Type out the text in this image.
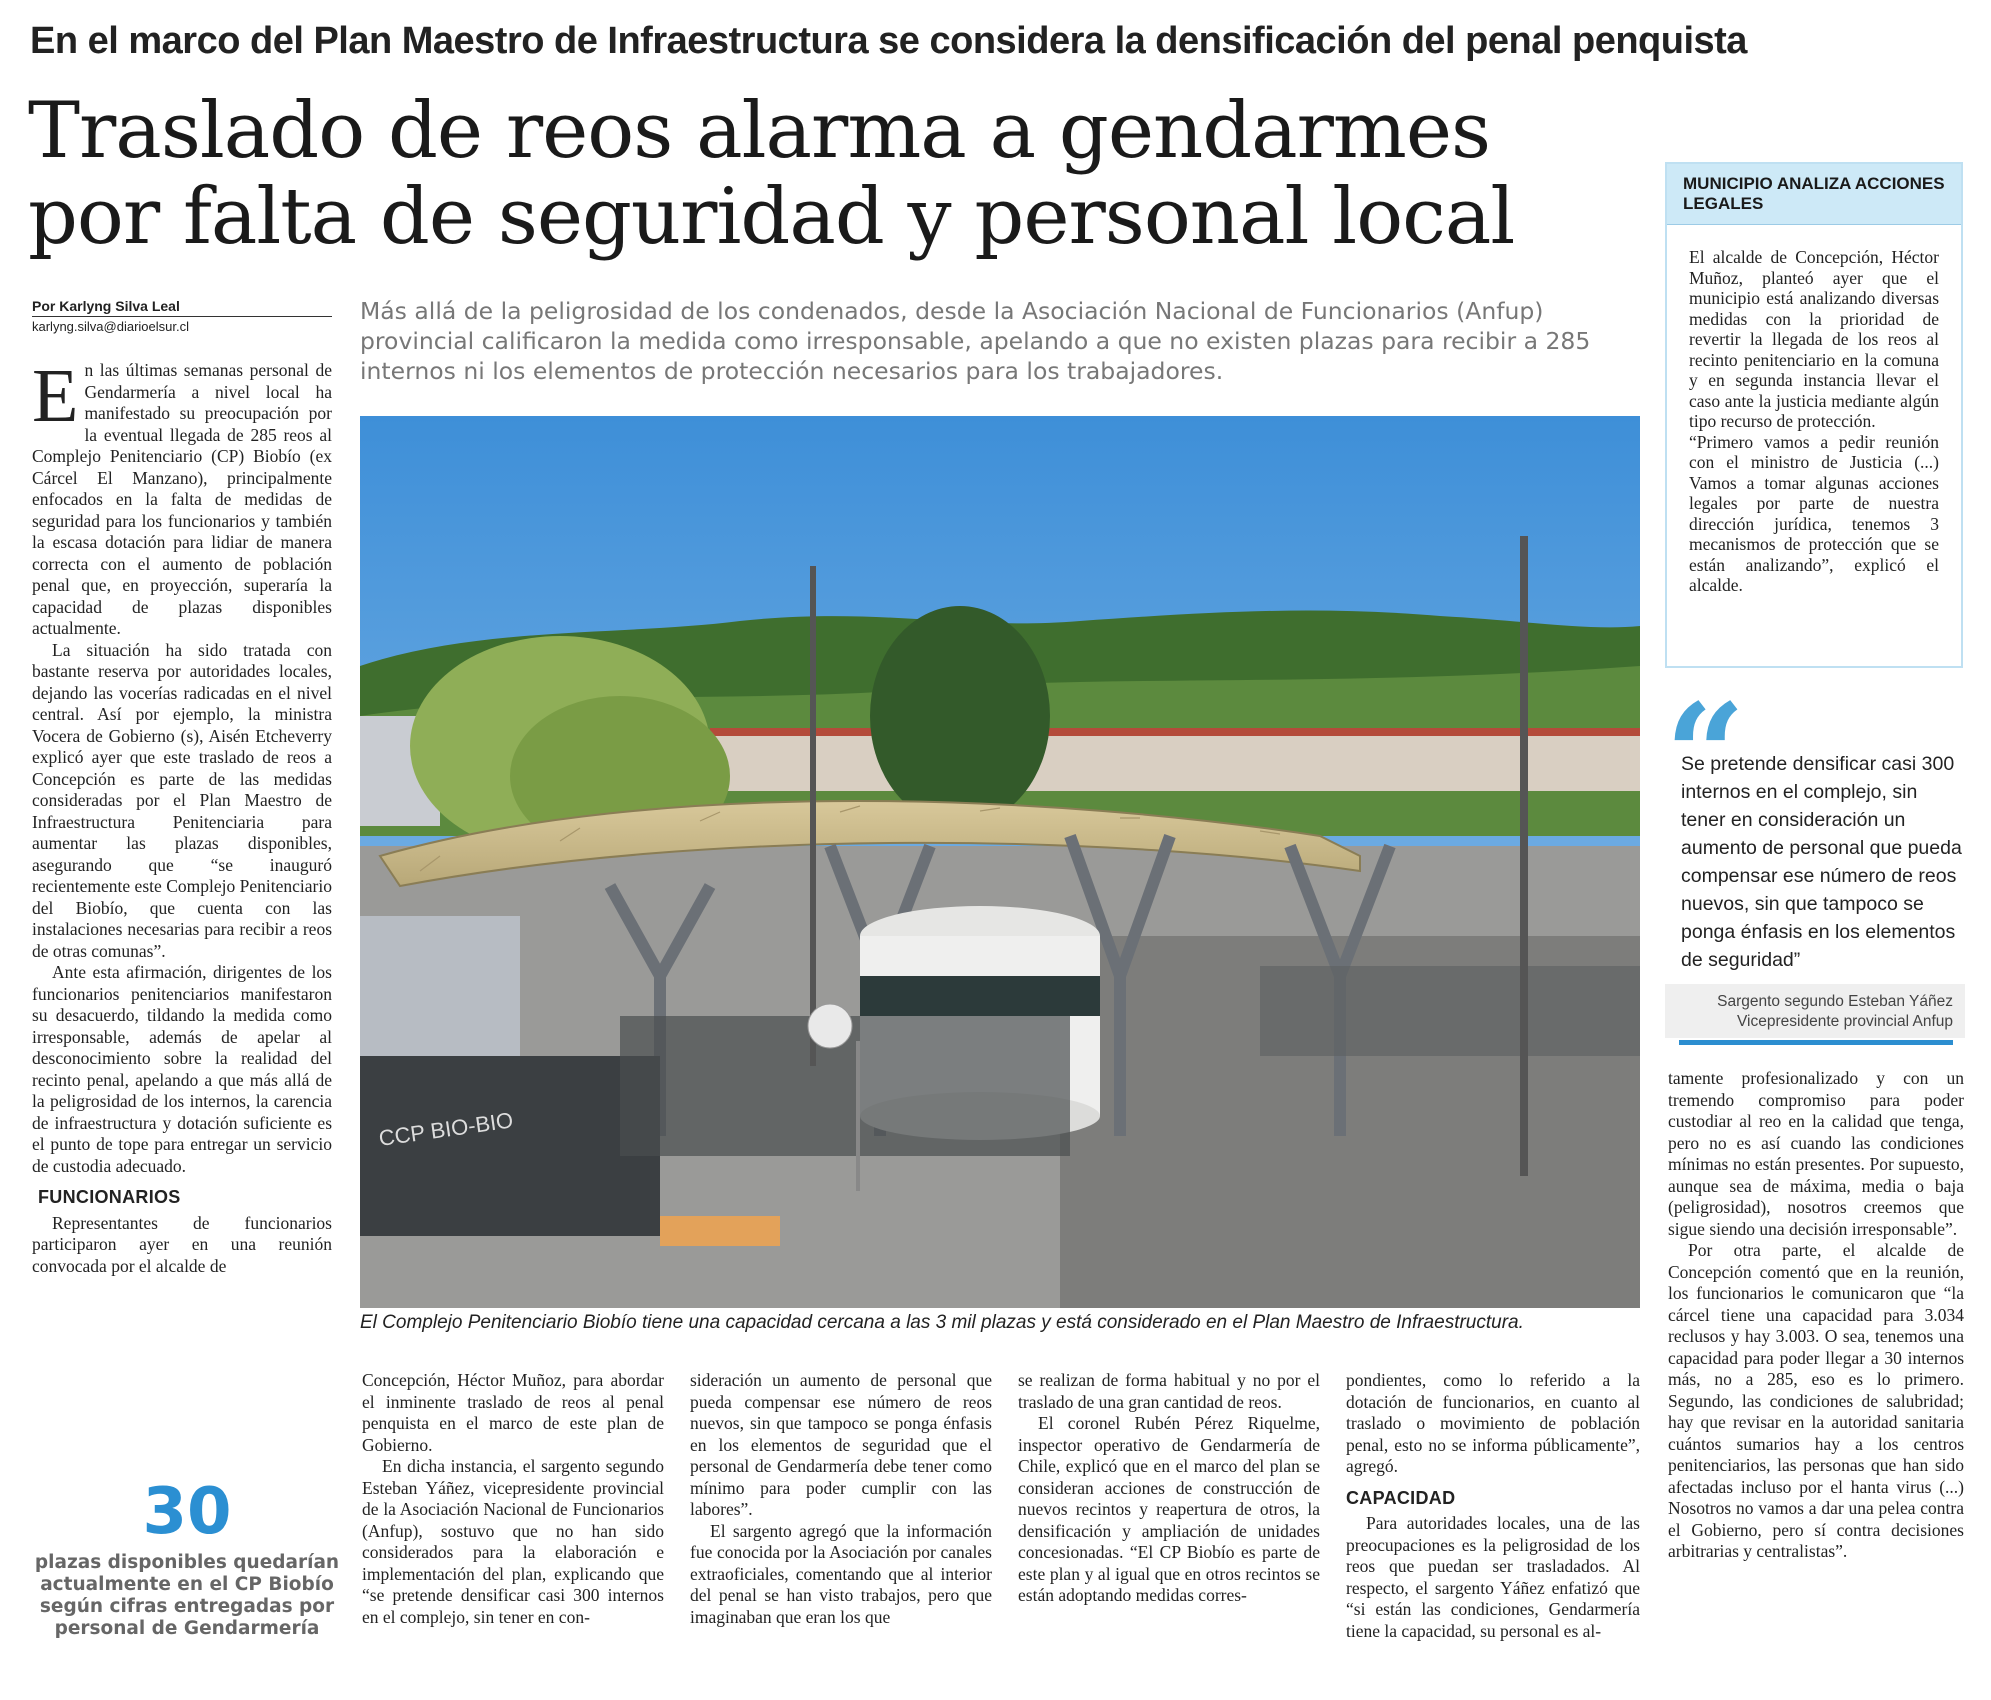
En el marco del Plan Maestro de Infraestructura se considera la densificación del penal penquista
Traslado de reos alarma a gendarmes
por falta de seguridad y personal local
Por Karlyng Silva Leal
karlyng.silva@diarioelsur.cl
Más allá de la peligrosidad de los condenados, desde la Asociación Nacional de Funcionarios (Anfup) provincial calificaron la medida como irresponsable, apelando a que no existen plazas para recibir a 285 internos ni los elementos de protección necesarios para los trabajadores.
CCP BIO-BIO
El Complejo Penitenciario Biobío tiene una capacidad cercana a las 3 mil plazas y está considerado en el Plan Maestro de Infraestructura.

E n las últimas semanas personal de Gendarmería a nivel local ha manifestado su preocupación por la eventual llegada de 285 reos al Complejo Penitenciario (CP) Biobío (ex Cárcel El Manzano), principalmente enfocados en la falta de medidas de seguridad para los funcionarios y también la escasa dotación para lidiar de manera correcta con el aumento de población penal que, en proyección, superaría la capacidad de plazas disponibles actualmente.

La situación ha sido tratada con bastante reserva por autoridades locales, dejando las vocerías radicadas en el nivel central. Así por ejemplo, la ministra Vocera de Gobierno (s), Aisén Etcheverry explicó ayer que este traslado de reos a Concepción es parte de las medidas consideradas por el Plan Maestro de Infraestructura Penitenciaria para aumentar las plazas disponibles, asegurando que “se inauguró recientemente este Complejo Penitenciario del Biobío, que cuenta con las instalaciones necesarias para recibir a reos de otras comunas”.

Ante esta afirmación, dirigentes de los funcionarios penitenciarios manifestaron su desacuerdo, tildando la medida como irresponsable, además de apelar al desconocimiento sobre la realidad del recinto penal, apelando a que más allá de la peligrosidad de los internos, la carencia de infraestructura y dotación suficiente es el punto de tope para entregar un servicio de custodia adecuado.

FUNCIONARIOS

Representantes de funcionarios participaron ayer en una reunión convocada por el alcalde de

30
plazas disponibles quedarían actualmente en el CP Biobío según cifras entregadas por personal de Gendarmería

Concepción, Héctor Muñoz, para abordar el inminente traslado de reos al penal penquista en el marco de este plan de Gobierno.

En dicha instancia, el sargento segundo Esteban Yáñez, vicepresidente provincial de la Asociación Nacional de Funcionarios (Anfup), sostuvo que no han sido considerados para la elaboración e implementación del plan, explicando que “se pretende densificar casi 300 internos en el complejo, sin tener en con-

sideración un aumento de personal que pueda compensar ese número de reos nuevos, sin que tampoco se ponga énfasis en los elementos de seguridad que el personal de Gendarmería debe tener como mínimo para poder cumplir con las labores”.

El sargento agregó que la información fue conocida por la Asociación por canales extraoficiales, comentando que al interior del penal se han visto trabajos, pero que imaginaban que eran los que

se realizan de forma habitual y no por el traslado de una gran cantidad de reos.

El coronel Rubén Pérez Riquelme, inspector operativo de Gendarmería de Chile, explicó que en el marco del plan se consideran acciones de construcción de nuevos recintos y reapertura de otros, la densificación y ampliación de unidades concesionadas. “El CP Biobío es parte de este plan y al igual que en otros recintos se están adoptando medidas corres-

pondientes, como lo referido a la dotación de funcionarios, en cuanto al traslado o movimiento de población penal, esto no se informa públicamente”, agregó.

CAPACIDAD

Para autoridades locales, una de las preocupaciones es la peligrosidad de los reos que puedan ser trasladados. Al respecto, el sargento Yáñez enfatizó que “si están las condiciones, Gendarmería tiene la capacidad, su personal es al-

tamente profesionalizado y con un tremendo compromiso para poder custodiar al reo en la calidad que tenga, pero no es así cuando las condiciones mínimas no están presentes. Por supuesto, aunque sea de máxima, media o baja (peligrosidad), nosotros creemos que sigue siendo una decisión irresponsable”.

Por otra parte, el alcalde de Concepción comentó que en la reunión, los funcionarios le comunicaron que “la cárcel tiene una capacidad para 3.034 reclusos y hay 3.003. O sea, tenemos una capacidad para poder llegar a 30 internos más, no a 285, eso es lo primero. Segundo, las condiciones de salubridad; hay que revisar en la autoridad sanitaria cuántos sumarios hay a los centros penitenciarios, las personas que han sido afectadas incluso por el hanta virus (...) Nosotros no vamos a dar una pelea contra el Gobierno, pero sí contra decisiones arbitrarias y centralistas”.

MUNICIPIO ANALIZA ACCIONES LEGALES

El alcalde de Concepción, Héctor Muñoz, planteó ayer que el municipio está analizando diversas medidas con la prioridad de revertir la llegada de los reos al recinto penitenciario en la comuna y en segunda instancia llevar el caso ante la justicia mediante algún tipo recurso de protección.

“Primero vamos a pedir reunión con el ministro de Justicia (...) Vamos a tomar algunas acciones legales por parte de nuestra dirección jurídica, tenemos 3 mecanismos de protección que se están analizando”, explicó el alcalde.

“
Se pretende densificar casi 300 internos en el complejo, sin tener en consideración un aumento de personal que pueda compensar ese número de reos nuevos, sin que tampoco se ponga énfasis en los elementos de seguridad”
Sargento segundo Esteban Yáñez
Vicepresidente provincial Anfup
